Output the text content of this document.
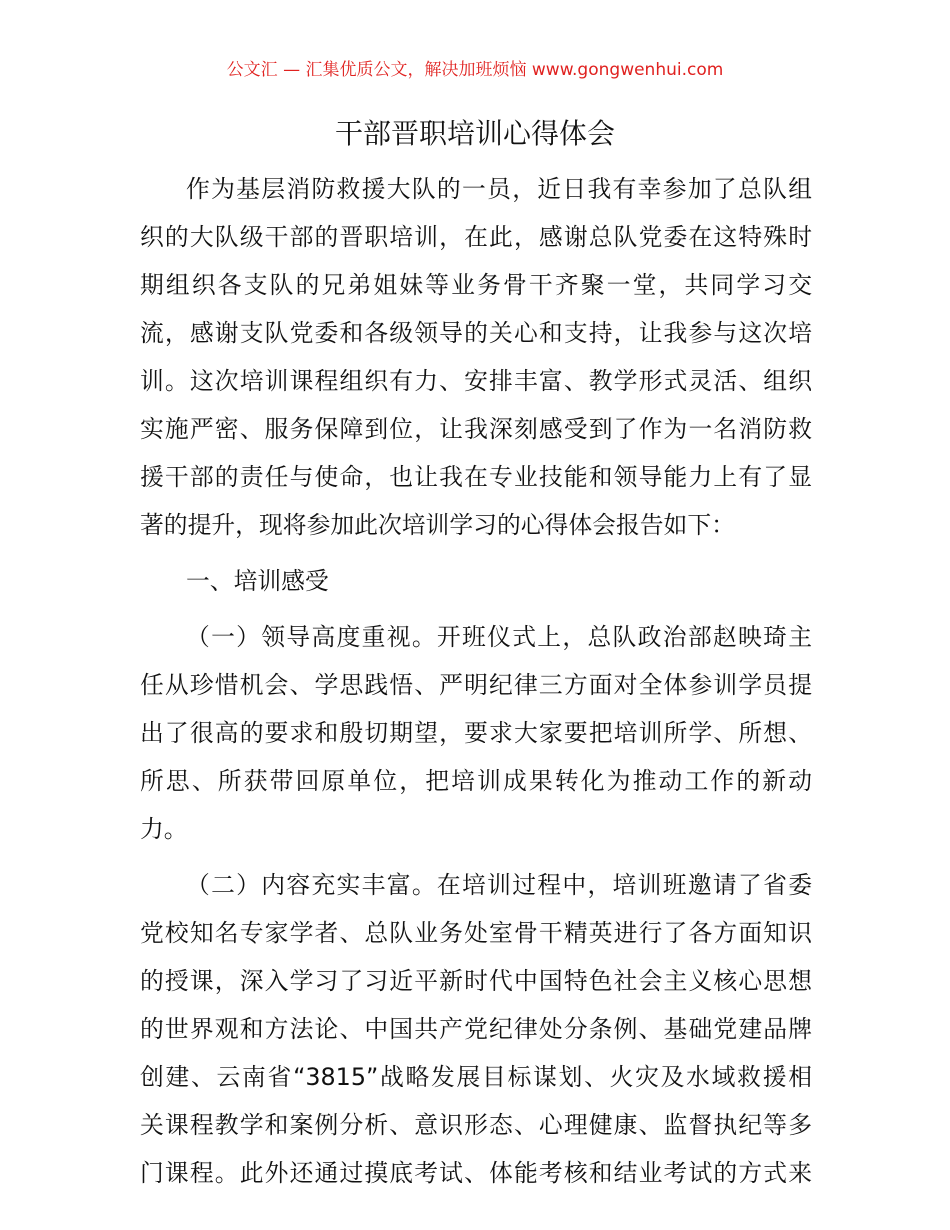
公文汇 — 汇集优质公文，解决加班烦恼 www.gongwenhui.com
干部晋职培训心得体会
作为基层消防救援大队的一员，近日我有幸参加了总队组
织的大队级干部的晋职培训，在此，感谢总队党委在这特殊时
期组织各支队的兄弟姐妹等业务骨干齐聚一堂，共同学习交
流，感谢支队党委和各级领导的关心和支持，让我参与这次培
训。这次培训课程组织有力、安排丰富、教学形式灵活、组织
实施严密、服务保障到位，让我深刻感受到了作为一名消防救
援干部的责任与使命，也让我在专业技能和领导能力上有了显
著的提升，现将参加此次培训学习的心得体会报告如下：
一、培训感受
（一）领导高度重视。开班仪式上，总队政治部赵映琦主
任从珍惜机会、学思践悟、严明纪律三方面对全体参训学员提
出了很高的要求和殷切期望，要求大家要把培训所学、所想、
所思、所获带回原单位，把培训成果转化为推动工作的新动
力。
（二）内容充实丰富。在培训过程中，培训班邀请了省委
党校知名专家学者、总队业务处室骨干精英进行了各方面知识
的授课，深入学习了习近平新时代中国特色社会主义核心思想
的世界观和方法论、中国共产党纪律处分条例、基础党建品牌
创建、云南省“3815”战略发展目标谋划、火灾及水域救援相
关课程教学和案例分析、意识形态、心理健康、监督执纪等多
门课程。此外还通过摸底考试、体能考核和结业考试的方式来
